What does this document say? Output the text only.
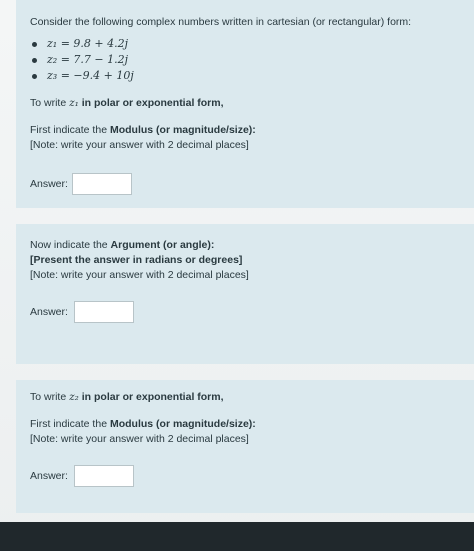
Consider the following complex numbers written in cartesian (or rectangular) form:
z₁ = 9.8 + 4.2j
z₂ = 7.7 − 1.2j
z₃ = −9.4 + 10j
To write z₁ in polar or exponential form,
First indicate the Modulus (or magnitude/size):
[Note: write your answer with 2 decimal places]
Answer:
Now indicate the Argument (or angle):
[Present the answer in radians or degrees]
[Note: write your answer with 2 decimal places]
Answer:
To write z₂ in polar or exponential form,
First indicate the Modulus (or magnitude/size):
[Note: write your answer with 2 decimal places]
Answer:
